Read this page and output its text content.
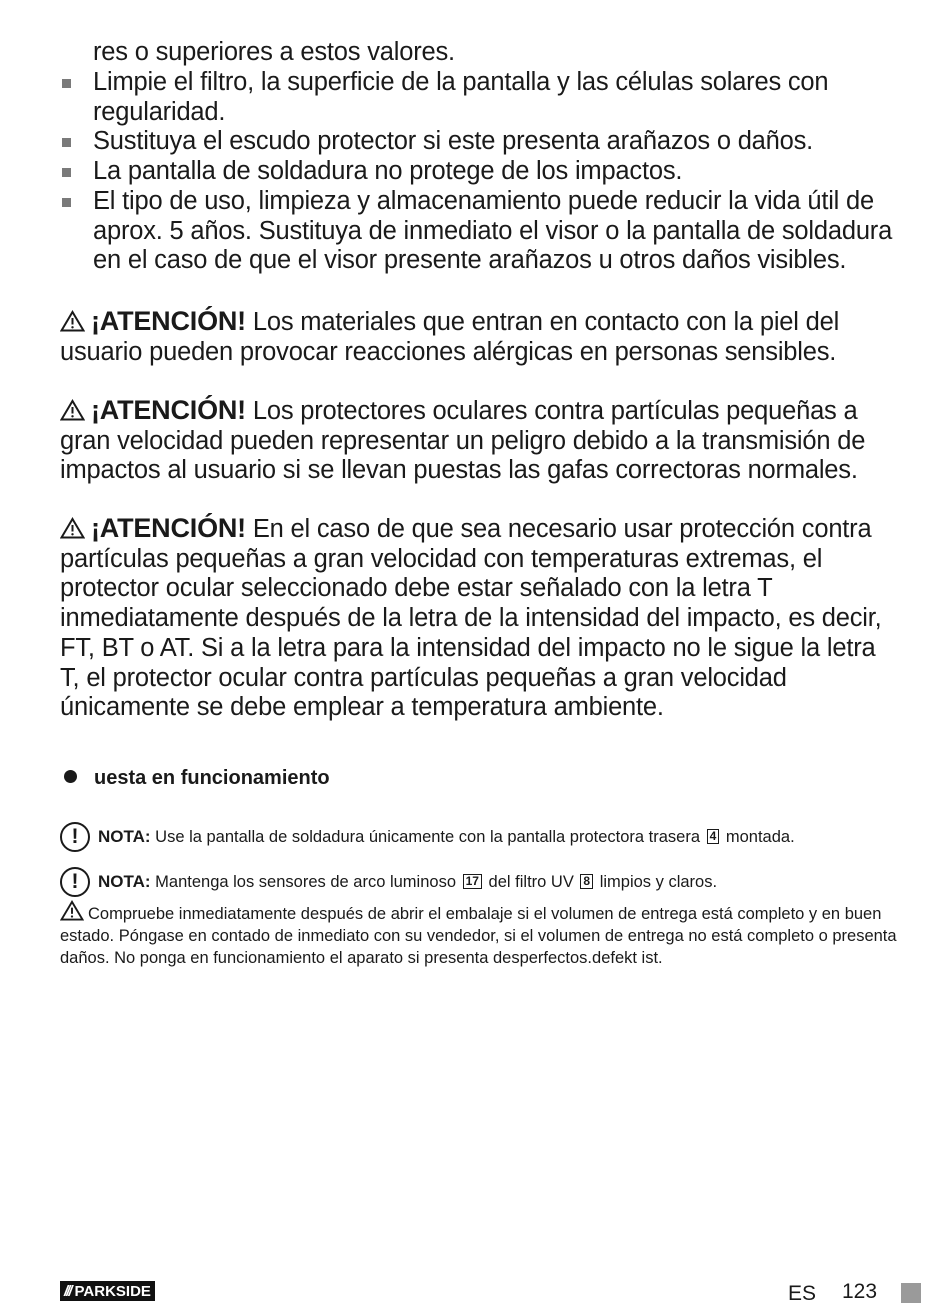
res o superiores a estos valores.
Limpie el filtro, la superficie de la pantalla y las células solares con regularidad.
Sustituya el escudo protector si este presenta arañazos o daños.
La pantalla de soldadura no protege de los impactos.
El tipo de uso, limpieza y almacenamiento puede reducir la vida útil de aprox. 5 años. Sustituya de inmediato el visor o la pantalla de soldadura en el caso de que el visor presente arañazos u otros daños visibles.
¡ATENCIÓN! Los materiales que entran en contacto con la piel del usuario pueden provocar reacciones alérgicas en personas sensibles.
¡ATENCIÓN! Los protectores oculares contra partículas pequeñas a gran velocidad pueden representar un peligro debido a la transmisión de impactos al usuario si se llevan puestas las gafas correctoras normales.
¡ATENCIÓN! En el caso de que sea necesario usar protección contra partículas pequeñas a gran velocidad con temperaturas extremas, el protector ocular seleccionado debe estar señalado con la letra T inmediatamente después de la letra de la intensidad del impacto, es decir, FT, BT o AT. Si a la letra para la intensidad del impacto no le sigue la letra T, el protector ocular contra partículas pequeñas a gran velocidad únicamente se debe emplear a temperatura ambiente.
uesta en funcionamiento
! NOTA: Use la pantalla de soldadura únicamente con la pantalla protectora trasera 4 montada.
! NOTA: Mantenga los sensores de arco luminoso 17 del filtro UV 8 limpios y claros.
Compruebe inmediatamente después de abrir el embalaje si el volumen de entrega está completo y en buen estado. Póngase en contado de inmediato con su vendedor, si el volumen de entrega no está completo o presenta daños. No ponga en funcionamiento el aparato si presenta desperfectos.defekt ist.
/// PARKSIDE	ES 123
